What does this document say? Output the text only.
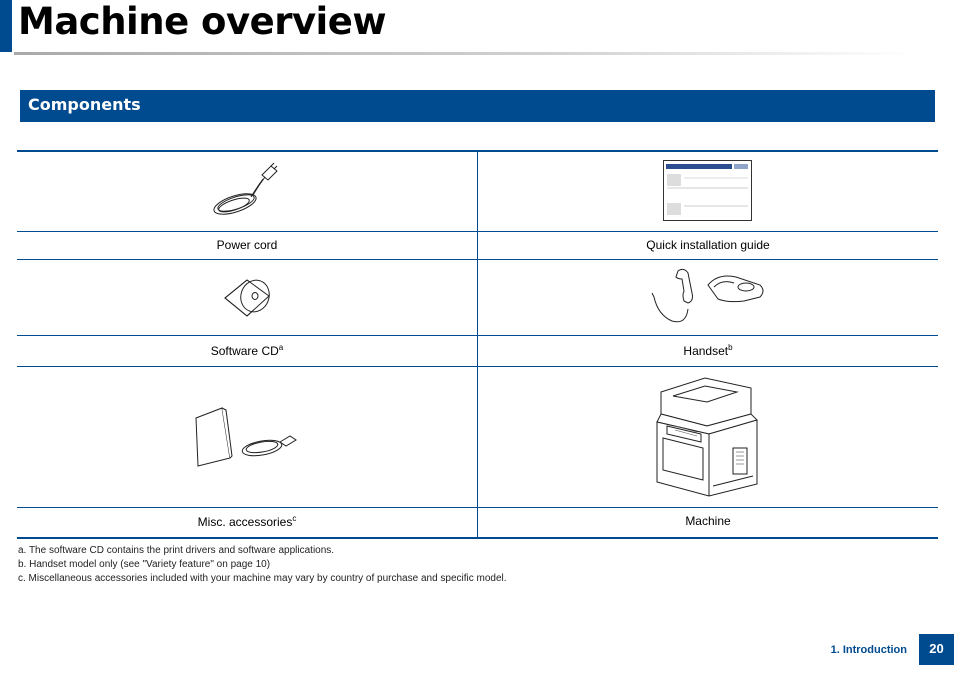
Machine overview
Components

Power cord	Quick installation guide

Software $CD^a$	Handset$^b$

Misc. accessories$^c$	Machine
a. The software CD contains the print drivers and software applications.
b. Handset model only (see "Variety feature" on page 10)
c. Miscellaneous accessories included with your machine may vary by country of purchase and specific model.
1. Introduction	20
